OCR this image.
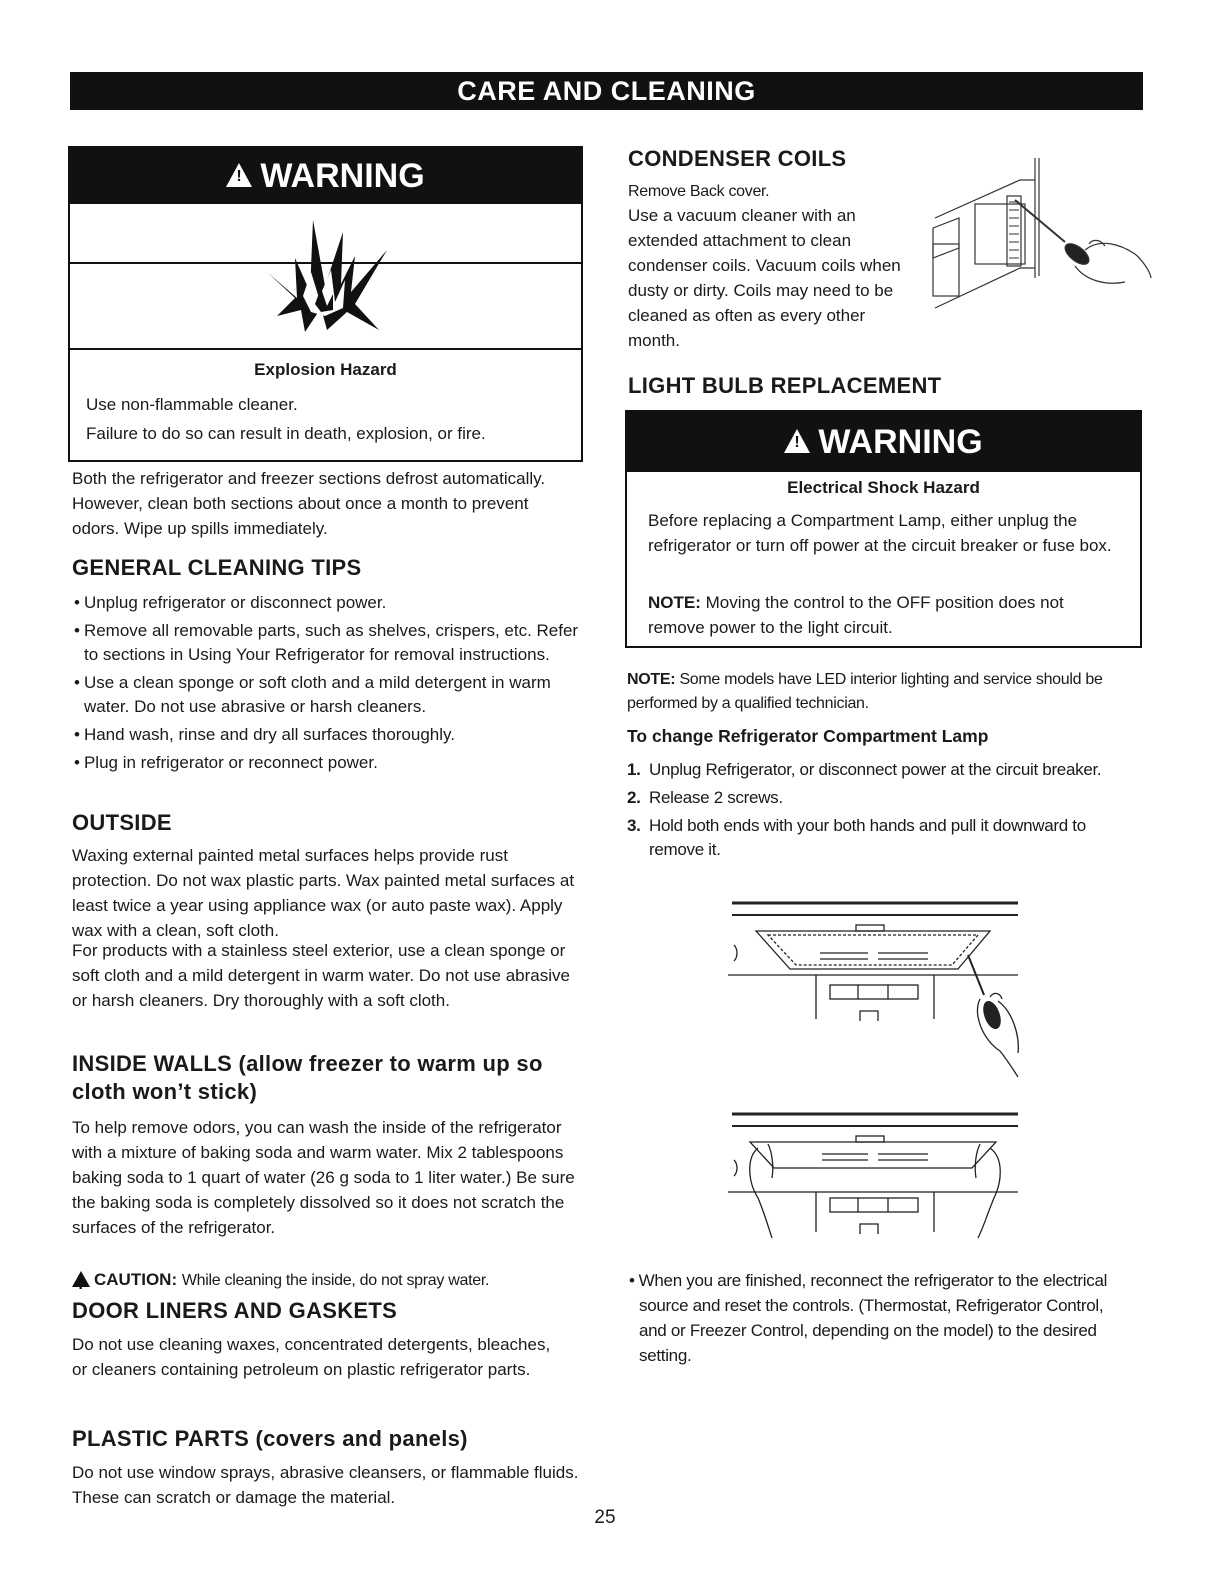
CARE AND CLEANING
!WARNING
Explosion Hazard
Use non-flammable cleaner.
Failure to do so can result in death, explosion, or fire.

Both the refrigerator and freezer sections defrost automatically. However, clean both sections about once a month to prevent odors. Wipe up spills immediately.

GENERAL CLEANING TIPS
• Unplug refrigerator or disconnect power.
• Remove all removable parts, such as shelves, crispers, etc. Refer to sections in Using Your Refrigerator for removal instructions.
• Use a clean sponge or soft cloth and a mild detergent in warm water. Do not use abrasive or harsh cleaners.
• Hand wash, rinse and dry all surfaces thoroughly.
• Plug in refrigerator or reconnect power.
OUTSIDE

Waxing external painted metal surfaces helps provide rust protection. Do not wax plastic parts. Wax painted metal surfaces at least twice a year using appliance wax (or auto paste wax). Apply wax with a clean, soft cloth.

For products with a stainless steel exterior, use a clean sponge or soft cloth and a mild detergent in warm water. Do not use abrasive or harsh cleaners. Dry thoroughly with a soft cloth.

INSIDE WALLS (allow freezer to warm up so cloth won’t stick)

To help remove odors, you can wash the inside of the refrigerator with a mixture of baking soda and warm water. Mix 2 tablespoons baking soda to 1 quart of water (26 g soda to 1 liter water.) Be sure the baking soda is completely dissolved so it does not scratch the surfaces of the refrigerator.

!CAUTION: While cleaning the inside, do not spray water.
DOOR LINERS AND GASKETS

Do not use cleaning waxes, concentrated detergents, bleaches, or cleaners containing petroleum on plastic refrigerator parts.

PLASTIC PARTS (covers and panels)

Do not use window sprays, abrasive cleansers, or flammable fluids. These can scratch or damage the material.

CONDENSER COILS

Remove Back cover.

Use a vacuum cleaner with an extended attachment to clean condenser coils. Vacuum coils when dusty or dirty. Coils may need to be cleaned as often as every other month.

LIGHT BULB REPLACEMENT
!WARNING
Electrical Shock Hazard

Before replacing a Compartment Lamp, either unplug the refrigerator or turn off power at the circuit breaker or fuse box.

NOTE: Moving the control to the OFF position does not remove power to the light circuit.
NOTE: Some models have LED interior lighting and service should be performed by a qualified technician.
To change Refrigerator Compartment Lamp
1. Unplug Refrigerator, or disconnect power at the circuit breaker.
2. Release 2 screws.
3. Hold both ends with your both hands and pull it downward to remove it.
• When you are finished, reconnect the refrigerator to the electrical source and reset the controls. (Thermostat, Refrigerator Control, and or Freezer Control, depending on the model) to the desired setting.
25
